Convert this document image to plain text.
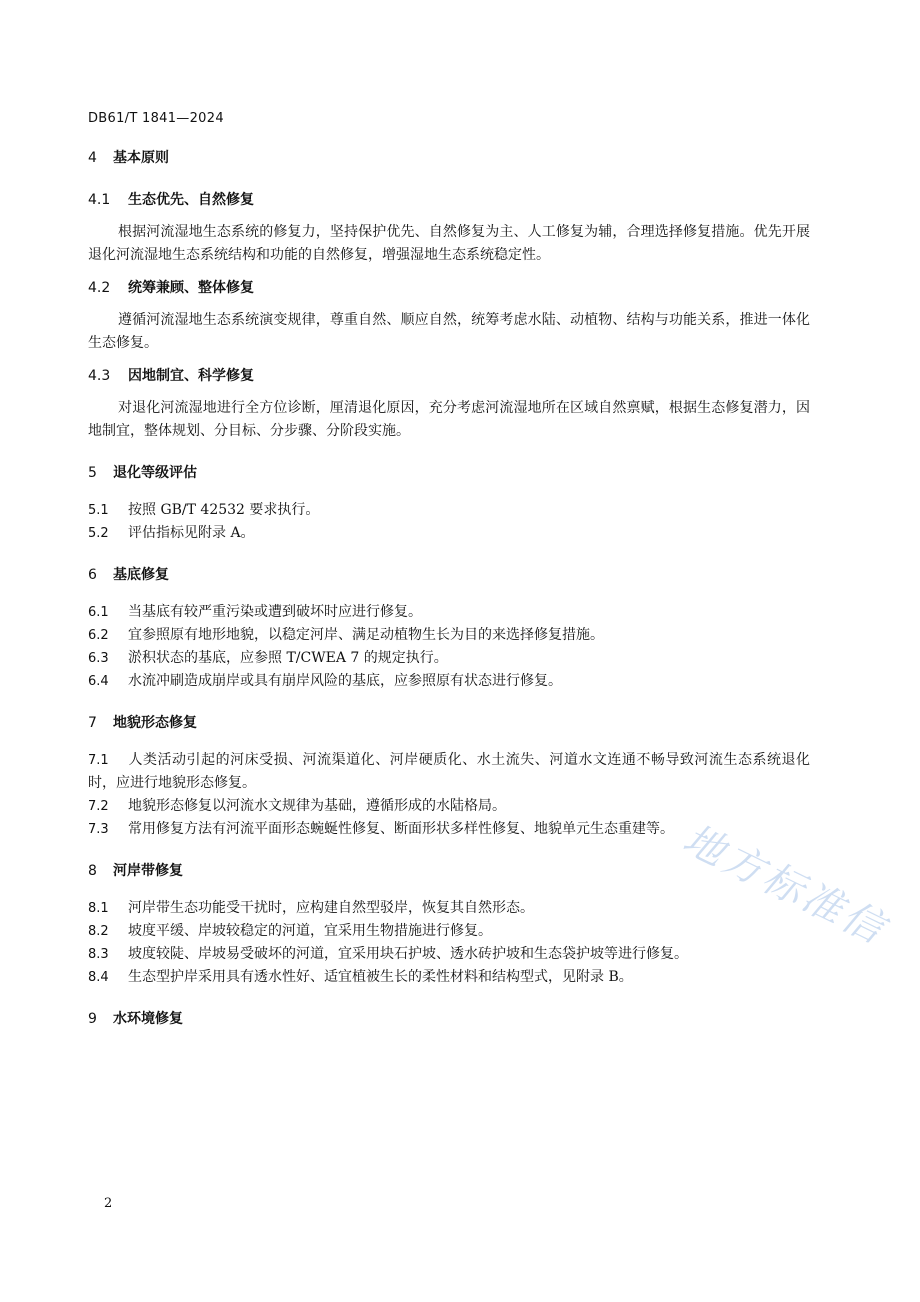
DB61/T 1841—2024
4 基本原则
4.1 生态优先、自然修复

根据河流湿地生态系统的修复力，坚持保护优先、自然修复为主、人工修复为辅，合理选择修复措施。优先开展退化河流湿地生态系统结构和功能的自然修复，增强湿地生态系统稳定性。

4.2 统筹兼顾、整体修复

遵循河流湿地生态系统演变规律，尊重自然、顺应自然，统筹考虑水陆、动植物、结构与功能关系，推进一体化生态修复。

4.3 因地制宜、科学修复

对退化河流湿地进行全方位诊断，厘清退化原因，充分考虑河流湿地所在区域自然禀赋，根据生态修复潜力，因地制宜，整体规划、分目标、分步骤、分阶段实施。

5 退化等级评估

5.1 按照 GB/T 42532 要求执行。

5.2 评估指标见附录 A。

6 基底修复

6.1 当基底有较严重污染或遭到破坏时应进行修复。

6.2 宜参照原有地形地貌，以稳定河岸、满足动植物生长为目的来选择修复措施。

6.3 淤积状态的基底，应参照 T/CWEA 7 的规定执行。

6.4 水流冲刷造成崩岸或具有崩岸风险的基底，应参照原有状态进行修复。

7 地貌形态修复

7.1 人类活动引起的河床受损、河流渠道化、河岸硬质化、水土流失、河道水文连通不畅导致河流生态系统退化时，应进行地貌形态修复。

7.2 地貌形态修复以河流水文规律为基础，遵循形成的水陆格局。

7.3 常用修复方法有河流平面形态蜿蜒性修复、断面形状多样性修复、地貌单元生态重建等。

8 河岸带修复

8.1 河岸带生态功能受干扰时，应构建自然型驳岸，恢复其自然形态。

8.2 坡度平缓、岸坡较稳定的河道，宜采用生物措施进行修复。

8.3 坡度较陡、岸坡易受破坏的河道，宜采用块石护坡、透水砖护坡和生态袋护坡等进行修复。

8.4 生态型护岸采用具有透水性好、适宜植被生长的柔性材料和结构型式，见附录 B。

9 水环境修复
地方标准信
2
